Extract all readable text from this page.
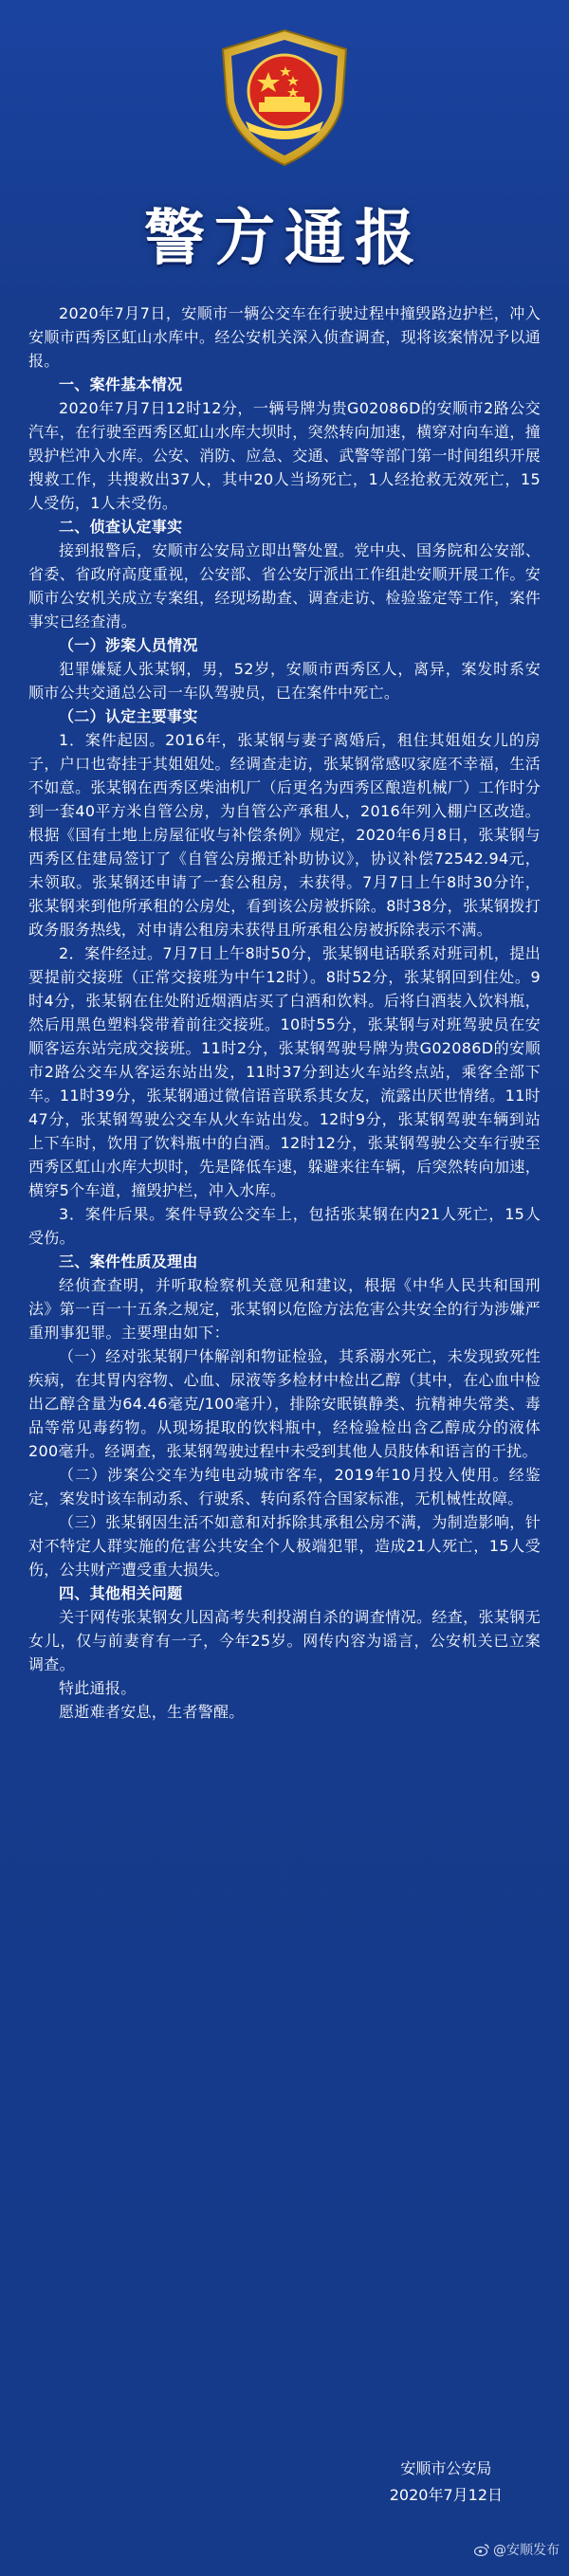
警方通报

2020年7月7日，安顺市一辆公交车在行驶过程中撞毁路边护栏，冲入安顺市西秀区虹山水库中。经公安机关深入侦查调查，现将该案情况予以通报。

一、案件基本情况

2020年7月7日12时12分，一辆号牌为贵G02086D的安顺市2路公交汽车，在行驶至西秀区虹山水库大坝时，突然转向加速，横穿对向车道，撞毁护栏冲入水库。公安、消防、应急、交通、武警等部门第一时间组织开展搜救工作，共搜救出37人，其中20人当场死亡，1人经抢救无效死亡，15人受伤，1人未受伤。

二、侦查认定事实

接到报警后，安顺市公安局立即出警处置。党中央、国务院和公安部、省委、省政府高度重视，公安部、省公安厅派出工作组赴安顺开展工作。安顺市公安机关成立专案组，经现场勘查、调查走访、检验鉴定等工作，案件事实已经查清。

（一）涉案人员情况

犯罪嫌疑人张某钢，男，52岁，安顺市西秀区人，离异，案发时系安顺市公共交通总公司一车队驾驶员，已在案件中死亡。

（二）认定主要事实

1．案件起因。2016年，张某钢与妻子离婚后，租住其姐姐女儿的房子，户口也寄挂于其姐姐处。经调查走访，张某钢常感叹家庭不幸福，生活不如意。张某钢在西秀区柴油机厂（后更名为西秀区酿造机械厂）工作时分到一套40平方米自管公房，为自管公产承租人，2016年列入棚户区改造。根据《国有土地上房屋征收与补偿条例》规定，2020年6月8日，张某钢与西秀区住建局签订了《自管公房搬迁补助协议》，协议补偿72542.94元，未领取。张某钢还申请了一套公租房，未获得。7月7日上午8时30分许，张某钢来到他所承租的公房处，看到该公房被拆除。8时38分，张某钢拨打政务服务热线，对申请公租房未获得且所承租公房被拆除表示不满。

2．案件经过。7月7日上午8时50分，张某钢电话联系对班司机，提出要提前交接班（正常交接班为中午12时）。8时52分，张某钢回到住处。9时4分，张某钢在住处附近烟酒店买了白酒和饮料。后将白酒装入饮料瓶，然后用黑色塑料袋带着前往交接班。10时55分，张某钢与对班驾驶员在安顺客运东站完成交接班。11时2分，张某钢驾驶号牌为贵G02086D的安顺市2路公交车从客运东站出发，11时37分到达火车站终点站，乘客全部下车。11时39分，张某钢通过微信语音联系其女友，流露出厌世情绪。11时47分，张某钢驾驶公交车从火车站出发。12时9分，张某钢驾驶车辆到站上下车时，饮用了饮料瓶中的白酒。12时12分，张某钢驾驶公交车行驶至西秀区虹山水库大坝时，先是降低车速，躲避来往车辆，后突然转向加速，横穿5个车道，撞毁护栏，冲入水库。

3．案件后果。案件导致公交车上，包括张某钢在内21人死亡，15人受伤。

三、案件性质及理由

经侦查查明，并听取检察机关意见和建议，根据《中华人民共和国刑法》第一百一十五条之规定，张某钢以危险方法危害公共安全的行为涉嫌严重刑事犯罪。主要理由如下：

（一）经对张某钢尸体解剖和物证检验，其系溺水死亡，未发现致死性疾病，在其胃内容物、心血、尿液等多检材中检出乙醇（其中，在心血中检出乙醇含量为64.46毫克/100毫升），排除安眠镇静类、抗精神失常类、毒品等常见毒药物。从现场提取的饮料瓶中，经检验检出含乙醇成分的液体200毫升。经调查，张某钢驾驶过程中未受到其他人员肢体和语言的干扰。

（二）涉案公交车为纯电动城市客车，2019年10月投入使用。经鉴定，案发时该车制动系、行驶系、转向系符合国家标准，无机械性故障。

（三）张某钢因生活不如意和对拆除其承租公房不满，为制造影响，针对不特定人群实施的危害公共安全个人极端犯罪，造成21人死亡，15人受伤，公共财产遭受重大损失。

四、其他相关问题

关于网传张某钢女儿因高考失利投湖自杀的调查情况。经查，张某钢无女儿，仅与前妻育有一子，今年25岁。网传内容为谣言，公安机关已立案调查。

特此通报。

愿逝难者安息，生者警醒。

安顺市公安局
2020年7月12日
@安顺发布
